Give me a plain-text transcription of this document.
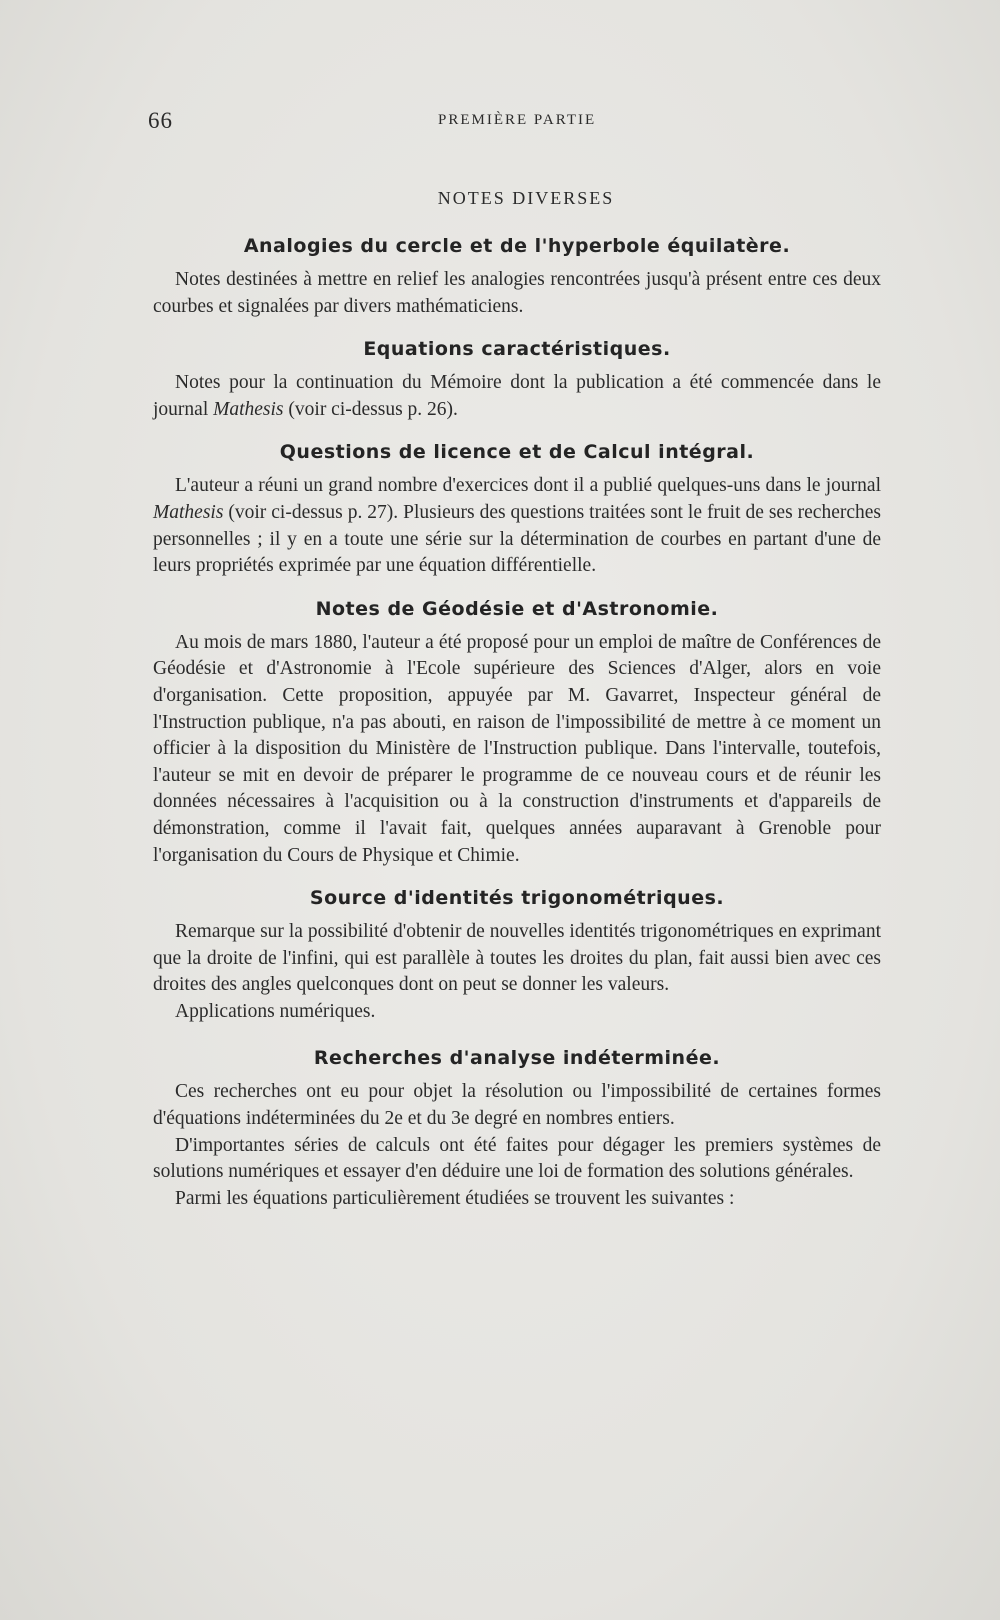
66	PREMIÈRE PARTIE
NOTES DIVERSES
Analogies du cercle et de l'hyperbole équilatère.

Notes destinées à mettre en relief les analogies rencontrées jusqu'à présent entre ces deux courbes et signalées par divers mathématiciens.

Equations caractéristiques.

Notes pour la continuation du Mémoire dont la publication a été commencée dans le journal Mathesis (voir ci-dessus p. 26).

Questions de licence et de Calcul intégral.

L'auteur a réuni un grand nombre d'exercices dont il a publié quelques-uns dans le journal Mathesis (voir ci-dessus p. 27). Plusieurs des questions traitées sont le fruit de ses recherches personnelles ; il y en a toute une série sur la détermination de courbes en partant d'une de leurs propriétés exprimée par une équation différentielle.

Notes de Géodésie et d'Astronomie.

Au mois de mars 1880, l'auteur a été proposé pour un emploi de maître de Conférences de Géodésie et d'Astronomie à l'Ecole supérieure des Sciences d'Alger, alors en voie d'organisation. Cette proposition, appuyée par M. Gavarret, Inspecteur général de l'Instruction publique, n'a pas abouti, en raison de l'impossibilité de mettre à ce moment un officier à la disposition du Ministère de l'Instruction publique. Dans l'intervalle, toutefois, l'auteur se mit en devoir de préparer le programme de ce nouveau cours et de réunir les données nécessaires à l'acquisition ou à la construction d'instruments et d'appareils de démonstration, comme il l'avait fait, quelques années auparavant à Grenoble pour l'organisation du Cours de Physique et Chimie.

Source d'identités trigonométriques.

Remarque sur la possibilité d'obtenir de nouvelles identités trigonométriques en exprimant que la droite de l'infini, qui est parallèle à toutes les droites du plan, fait aussi bien avec ces droites des angles quelconques dont on peut se donner les valeurs.

Applications numériques.

Recherches d'analyse indéterminée.

Ces recherches ont eu pour objet la résolution ou l'impossibilité de certaines formes d'équations indéterminées du 2e et du 3e degré en nombres entiers.

D'importantes séries de calculs ont été faites pour dégager les premiers systèmes de solutions numériques et essayer d'en déduire une loi de formation des solutions générales.

Parmi les équations particulièrement étudiées se trouvent les suivantes :
